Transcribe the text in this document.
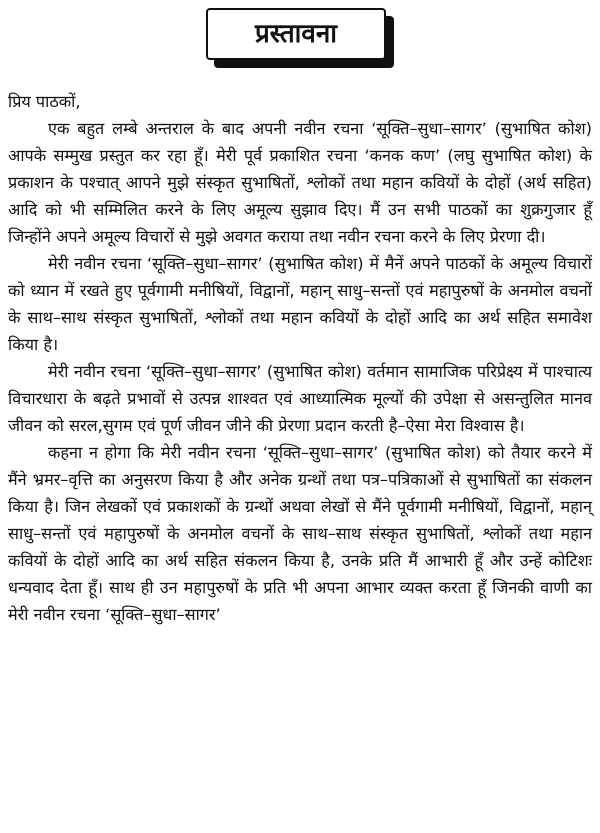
प्रस्तावना

प्रिय पाठकों,

एक बहुत लम्बे अन्तराल के बाद अपनी नवीन रचना ‘सूक्ति–सुधा–सागर’ (सुभाषित कोश) आपके सम्मुख प्रस्तुत कर रहा हूँ। मेरी पूर्व प्रकाशित रचना ‘कनक कण’ (लघु सुभाषित कोश) के प्रकाशन के पश्चात् आपने मुझे संस्कृत सुभाषितों, श्लोकों तथा महान कवियों के दोहों (अर्थ सहित) आदि को भी सम्मिलित करने के लिए अमूल्य सुझाव दिए। मैं उन सभी पाठकों का शुक्रगुजार हूँ जिन्होंने अपने अमूल्य विचारों से मुझे अवगत कराया तथा नवीन रचना करने के लिए प्रेरणा दी।

मेरी नवीन रचना ‘सूक्ति–सुधा–सागर’ (सुभाषित कोश) में मैनें अपने पाठकों के अमूल्य विचारों को ध्यान में रखते हुए पूर्वगामी मनीषियों, विद्वानों, महान् साधु–सन्तों एवं महापुरुषों के अनमोल वचनों के साथ–साथ संस्कृत सुभाषितों, श्लोकों तथा महान कवियों के दोहों आदि का अर्थ सहित समावेश किया है।

मेरी नवीन रचना ‘सूक्ति–सुधा–सागर’ (सुभाषित कोश) वर्तमान सामाजिक परिप्रेक्ष्य में पाश्चात्य विचारधारा के बढ़ते प्रभावों से उत्पन्न शाश्वत एवं आध्यात्मिक मूल्यों की उपेक्षा से असन्तुलित मानव जीवन को सरल,सुगम एवं पूर्ण जीवन जीने की प्रेरणा प्रदान करती है–ऐसा मेरा विश्वास है।

कहना न होगा कि मेरी नवीन रचना ‘सूक्ति–सुधा–सागर’ (सुभाषित कोश) को तैयार करने में मैंने भ्रमर–वृत्ति का अनुसरण किया है और अनेक ग्रन्थों तथा पत्र–पत्रिकाओं से सुभाषितों का संकलन किया है। जिन लेखकों एवं प्रकाशकों के ग्रन्थों अथवा लेखों से मैंने पूर्वगामी मनीषियों, विद्वानों, महान् साधु–सन्तों एवं महापुरुषों के अनमोल वचनों के साथ–साथ संस्कृत सुभाषितों, श्लोकों तथा महान कवियों के दोहों आदि का अर्थ सहित संकलन किया है, उनके प्रति मैं आभारी हूँ और उन्हें कोटिशः धन्यवाद देता हूँ। साथ ही उन महापुरुषों के प्रति भी अपना आभार व्यक्त करता हूँ जिनकी वाणी का मेरी नवीन रचना ‘सूक्ति–सुधा–सागर’
